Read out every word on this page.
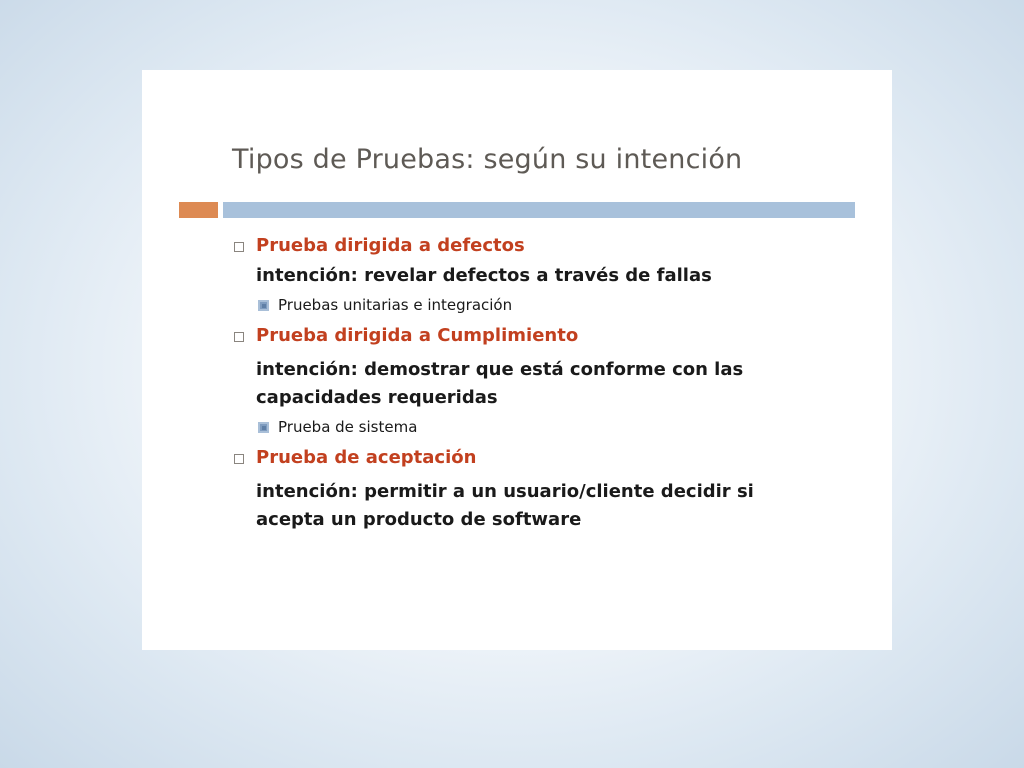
Tipos de Pruebas: según su intención
Prueba dirigida a defectos
intención: revelar defectos a través de fallas
Pruebas unitarias e integración
Prueba dirigida a Cumplimiento
intención: demostrar que está conforme con las capacidades requeridas
Prueba de sistema
Prueba de aceptación
intención: permitir a un usuario/cliente decidir si acepta un producto de software
